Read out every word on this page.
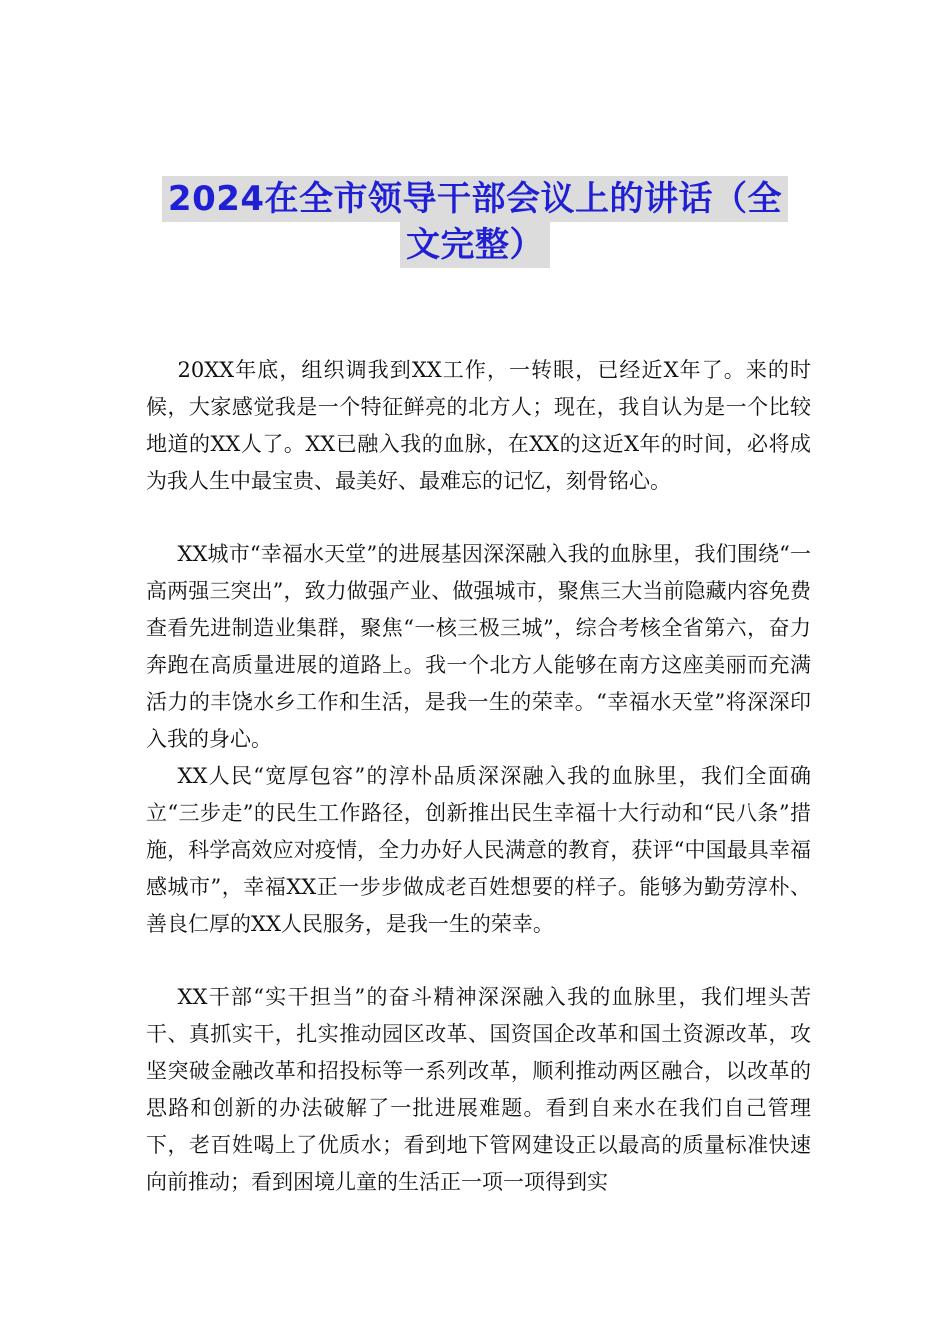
2024在全市领导干部会议上的讲话（全
文完整）

20XX年底，组织调我到XX工作，一转眼，已经近X年了。来的时候，大家感觉我是一个特征鲜亮的北方人；现在，我自认为是一个比较地道的XX人了。XX已融入我的血脉，在XX的这近X年的时间，必将成为我人生中最宝贵、最美好、最难忘的记忆，刻骨铭心。

XX城市“幸福水天堂”的进展基因深深融入我的血脉里，我们围绕“一高两强三突出”，致力做强产业、做强城市，聚焦三大当前隐藏内容免费查看先进制造业集群，聚焦“一核三极三城”，综合考核全省第六，奋力奔跑在高质量进展的道路上。我一个北方人能够在南方这座美丽而充满活力的丰饶水乡工作和生活，是我一生的荣幸。“幸福水天堂”将深深印入我的身心。

XX人民“宽厚包容”的淳朴品质深深融入我的血脉里，我们全面确立“三步走”的民生工作路径，创新推出民生幸福十大行动和“民八条”措施，科学高效应对疫情，全力办好人民满意的教育，获评“中国最具幸福感城市”，幸福XX正一步步做成老百姓想要的样子。能够为勤劳淳朴、善良仁厚的XX人民服务，是我一生的荣幸。

XX干部“实干担当”的奋斗精神深深融入我的血脉里，我们埋头苦干、真抓实干，扎实推动园区改革、国资国企改革和国土资源改革，攻坚突破金融改革和招投标等一系列改革，顺利推动两区融合，以改革的思路和创新的办法破解了一批进展难题。看到自来水在我们自己管理下，老百姓喝上了优质水；看到地下管网建设正以最高的质量标准快速向前推动；看到困境儿童的生活正一项一项得到实
